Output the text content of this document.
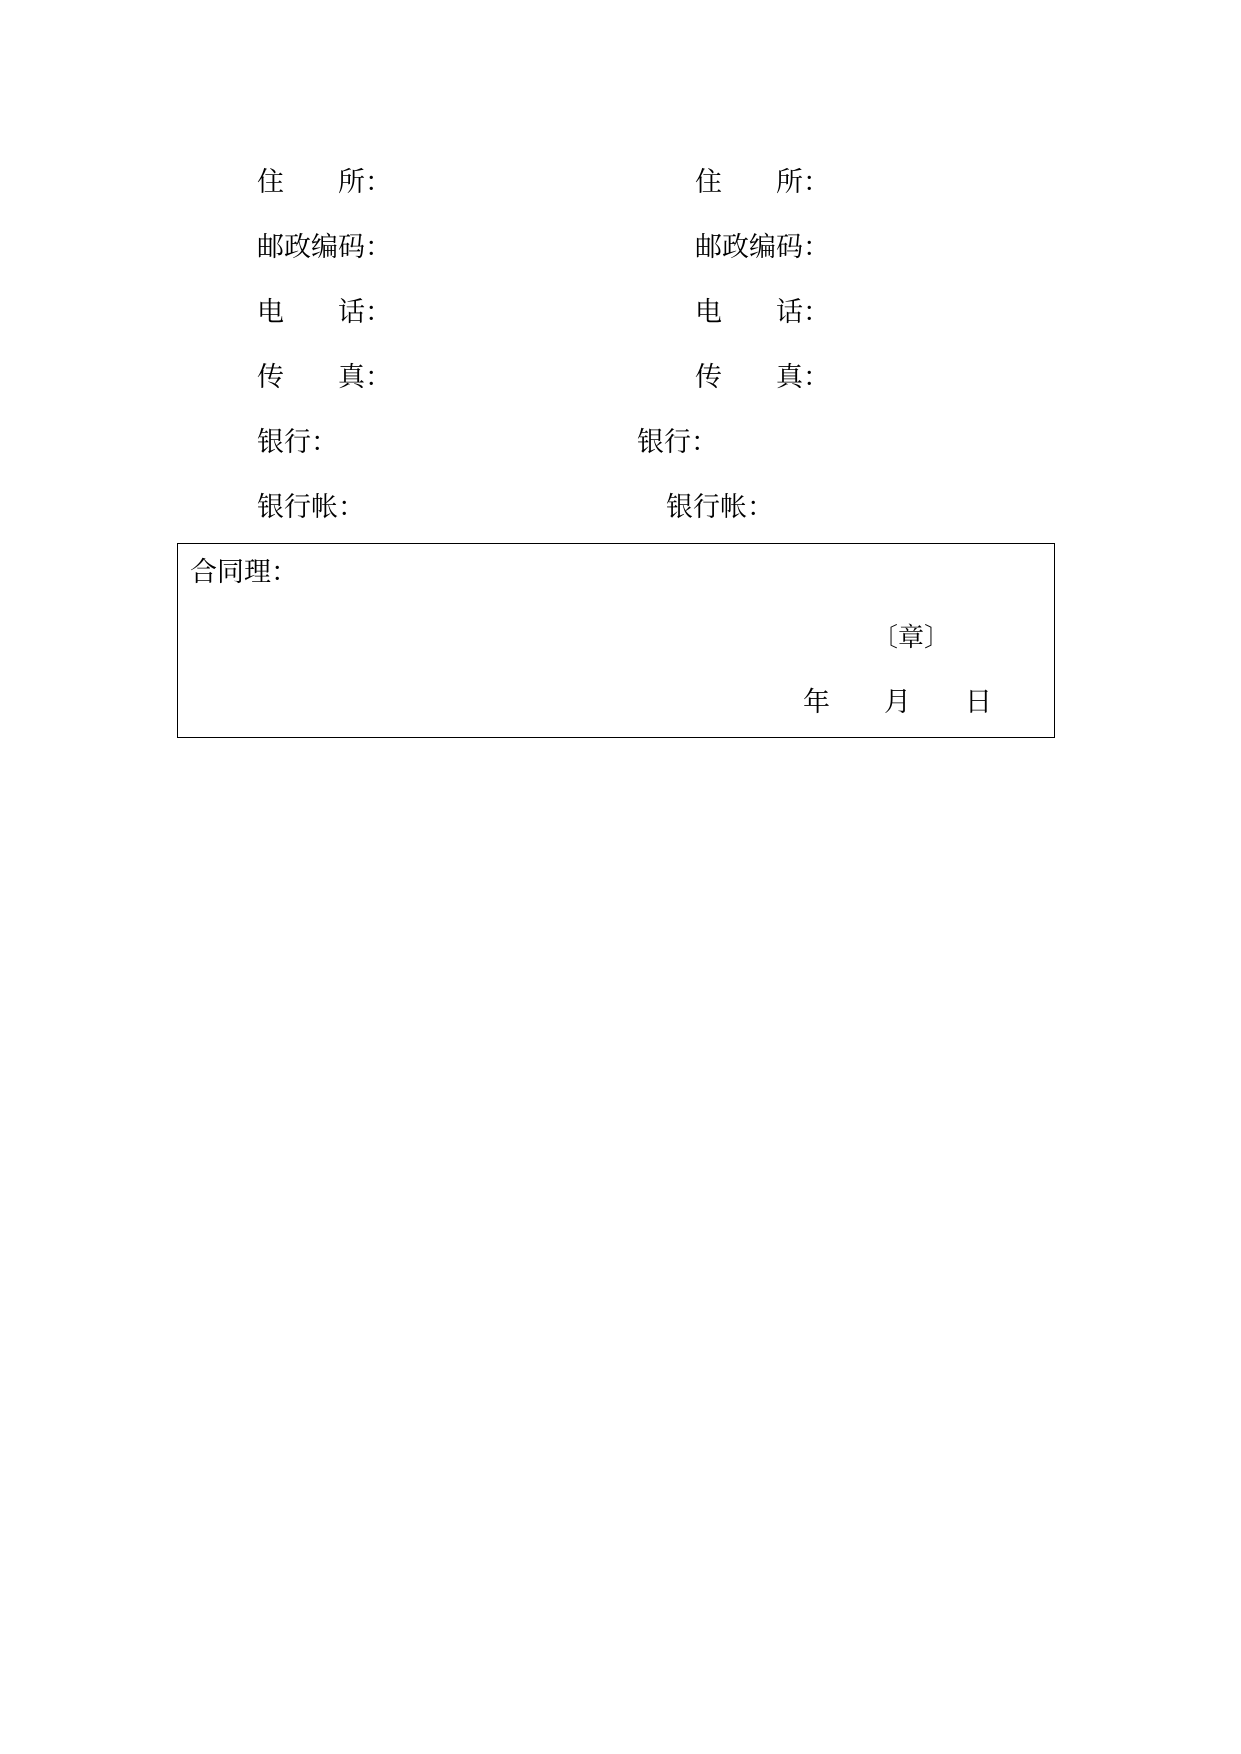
住　　所：
邮政编码：
电　　话：
传　　真：
银行：
银行帐：
住　　所：
邮政编码：
电　　话：
传　　真：
银行：
银行帐：
合同理：
〔章〕
年　　月　　日
